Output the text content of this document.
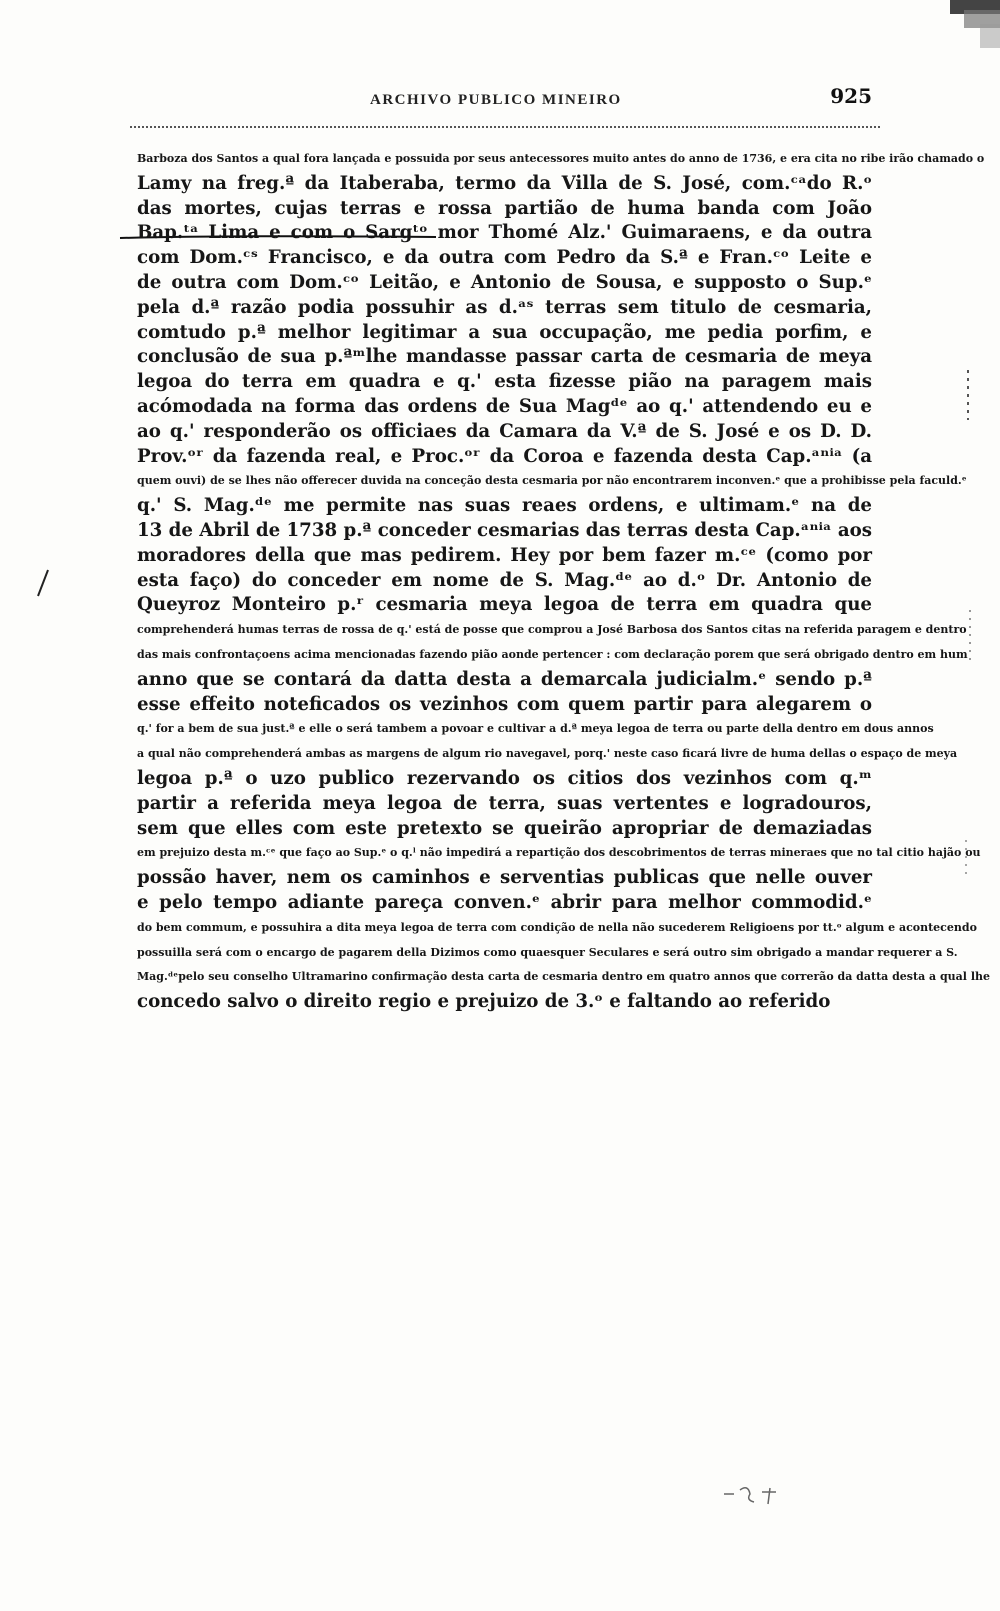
ARCHIVO PUBLICO MINEIRO	925
Barboza dos Santos a qual fora lançada e possuida por seus antecessores muito antes do anno de 1736, e era cita no ribe irão chamado o
Lamy na freg.ª da Itaberaba, termo da Villa de S. José, com.ᶜᵃdo R.ᵒ
das mortes, cujas terras e rossa partião de huma banda com João
Bap.ᵗᵃ Lima e com o Sargᵗᵒ mor Thomé Alz.' Guimaraens, e da outra
com Dom.ᶜˢ Francisco, e da outra com Pedro da S.ª e Fran.ᶜᵒ Leite e
de outra com Dom.ᶜᵒ Leitão, e Antonio de Sousa, e supposto o Sup.ᵉ
pela d.ª razão podia possuhir as d.ᵃˢ terras sem titulo de cesmaria,
comtudo p.ª melhor legitimar a sua occupação, me pedia porfim, e
conclusão de sua p.ªᵐlhe mandasse passar carta de cesmaria de meya
legoa do terra em quadra e q.' esta fizesse pião na paragem mais
acómodada na forma das ordens de Sua Magᵈᵉ ao q.' attendendo eu e
ao q.' responderão os officiaes da Camara da V.ª de S. José e os D. D.
Prov.ᵒʳ da fazenda real, e Proc.ᵒʳ da Coroa e fazenda desta Cap.ᵃⁿⁱᵃ (a
quem ouvi) de se lhes não offerecer duvida na conceção desta cesmaria por não encontrarem inconven.ᵉ que a prohibisse pela faculd.ᵉ
q.' S. Mag.ᵈᵉ me permite nas suas reaes ordens, e ultimam.ᵉ na de
13 de Abril de 1738 p.ª conceder cesmarias das terras desta Cap.ᵃⁿⁱᵃ aos
moradores della que mas pedirem. Hey por bem fazer m.ᶜᵉ (como por
esta faço) do conceder em nome de S. Mag.ᵈᵉ ao d.ᵒ Dr. Antonio de
Queyroz Monteiro p.ʳ cesmaria meya legoa de terra em quadra que
comprehenderá humas terras de rossa de q.' está de posse que comprou a José Barbosa dos Santos citas na referida paragem e dentro
das mais confrontaçoens acima mencionadas fazendo pião aonde pertencer : com declaração porem que será obrigado dentro em hum
anno que se contará da datta desta a demarcala judicialm.ᵉ sendo p.ª
esse effeito noteficados os vezinhos com quem partir para alegarem o
q.' for a bem de sua just.ª e elle o será tambem a povoar e cultivar a d.ª meya legoa de terra ou parte della dentro em dous annos
a qual não comprehenderá ambas as margens de algum rio navegavel, porq.' neste caso ficará livre de huma dellas o espaço de meya
legoa p.ª o uzo publico rezervando os citios dos vezinhos com q.ᵐ
partir a referida meya legoa de terra, suas vertentes e logradouros,
sem que elles com este pretexto se queirão apropriar de demaziadas
em prejuizo desta m.ᶜᵉ que faço ao Sup.ᵉ o q.ˡ não impedirá a repartição dos descobrimentos de terras mineraes que no tal citio hajão ou
possão haver, nem os caminhos e serventias publicas que nelle ouver
e pelo tempo adiante pareça conven.ᵉ abrir para melhor commodid.ᵉ
do bem commum, e possuhira a dita meya legoa de terra com condição de nella não sucederem Religioens por tt.ᵒ algum e acontecendo
possuilla será com o encargo de pagarem della Dizimos como quaesquer Seculares e será outro sim obrigado a mandar requerer a S.
Mag.ᵈᵉpelo seu conselho Ultramarino confirmação desta carta de cesmaria dentro em quatro annos que correrão da datta desta a qual lhe
concedo salvo o direito regio e prejuizo de 3.ᵒ e faltando ao referido
